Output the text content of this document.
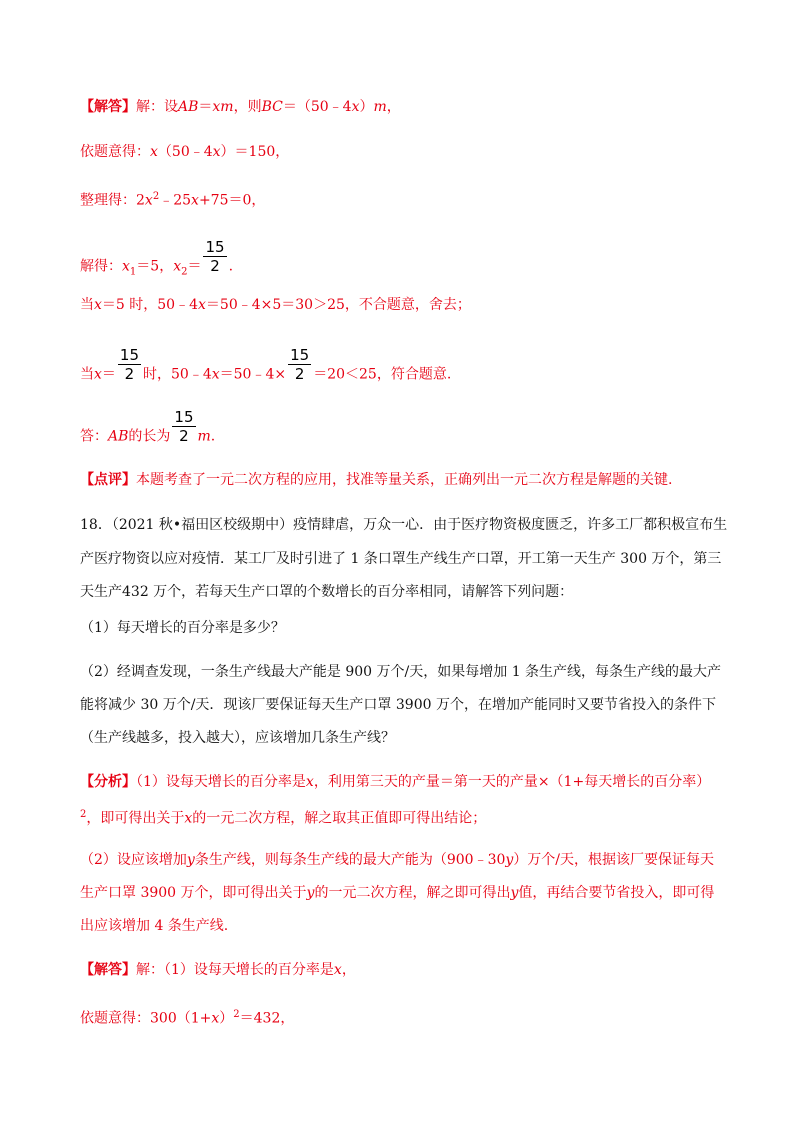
【解答】解：设AB＝xm，则BC＝（50﹣4x）m，
依题意得：x（50﹣4x）＝150，
整理得：$2x^2﹣25x+75=0$，
解得：$x_1=5$，$x_2= \frac{15}{2}$ .
当x＝5 时，50﹣4x＝50﹣4×5＝30＞25，不合题意，舍去；
当$x= \frac{15}{2}$ 时，50﹣4x＝50﹣4× $\frac{15}{2} =20<25$，符合题意.
答：AB的长为 $\frac{15}{2} m$.
【点评】本题考查了一元二次方程的应用，找准等量关系，正确列出一元二次方程是解题的关键.
18．（2021 秋•福田区校级期中）疫情肆虐，万众一心．由于医疗物资极度匮乏，许多工厂都积极宣布生
产医疗物资以应对疫情．某工厂及时引进了 1 条口罩生产线生产口罩，开工第一天生产 300 万个，第三
天生产432 万个，若每天生产口罩的个数增长的百分率相同，请解答下列问题：
（1）每天增长的百分率是多少？
（2）经调查发现，一条生产线最大产能是 900 万个/天，如果每增加 1 条生产线，每条生产线的最大产
能将减少 30 万个/天．现该厂要保证每天生产口罩 3900 万个，在增加产能同时又要节省投入的条件下
（生产线越多，投入越大），应该增加几条生产线？
【分析】（1）设每天增长的百分率是x，利用第三天的产量＝第一天的产量×（1+每天增长的百分率）
$^2$，即可得出关于x的一元二次方程，解之取其正值即可得出结论；
（2）设应该增加y条生产线，则每条生产线的最大产能为（900﹣30y）万个/天，根据该厂要保证每天
生产口罩 3900 万个，即可得出关于y的一元二次方程，解之即可得出y值，再结合要节省投入，即可得
出应该增加 4 条生产线.
【解答】解：（1）设每天增长的百分率是x，
依题意得：$300(1+x)^2=432$，
